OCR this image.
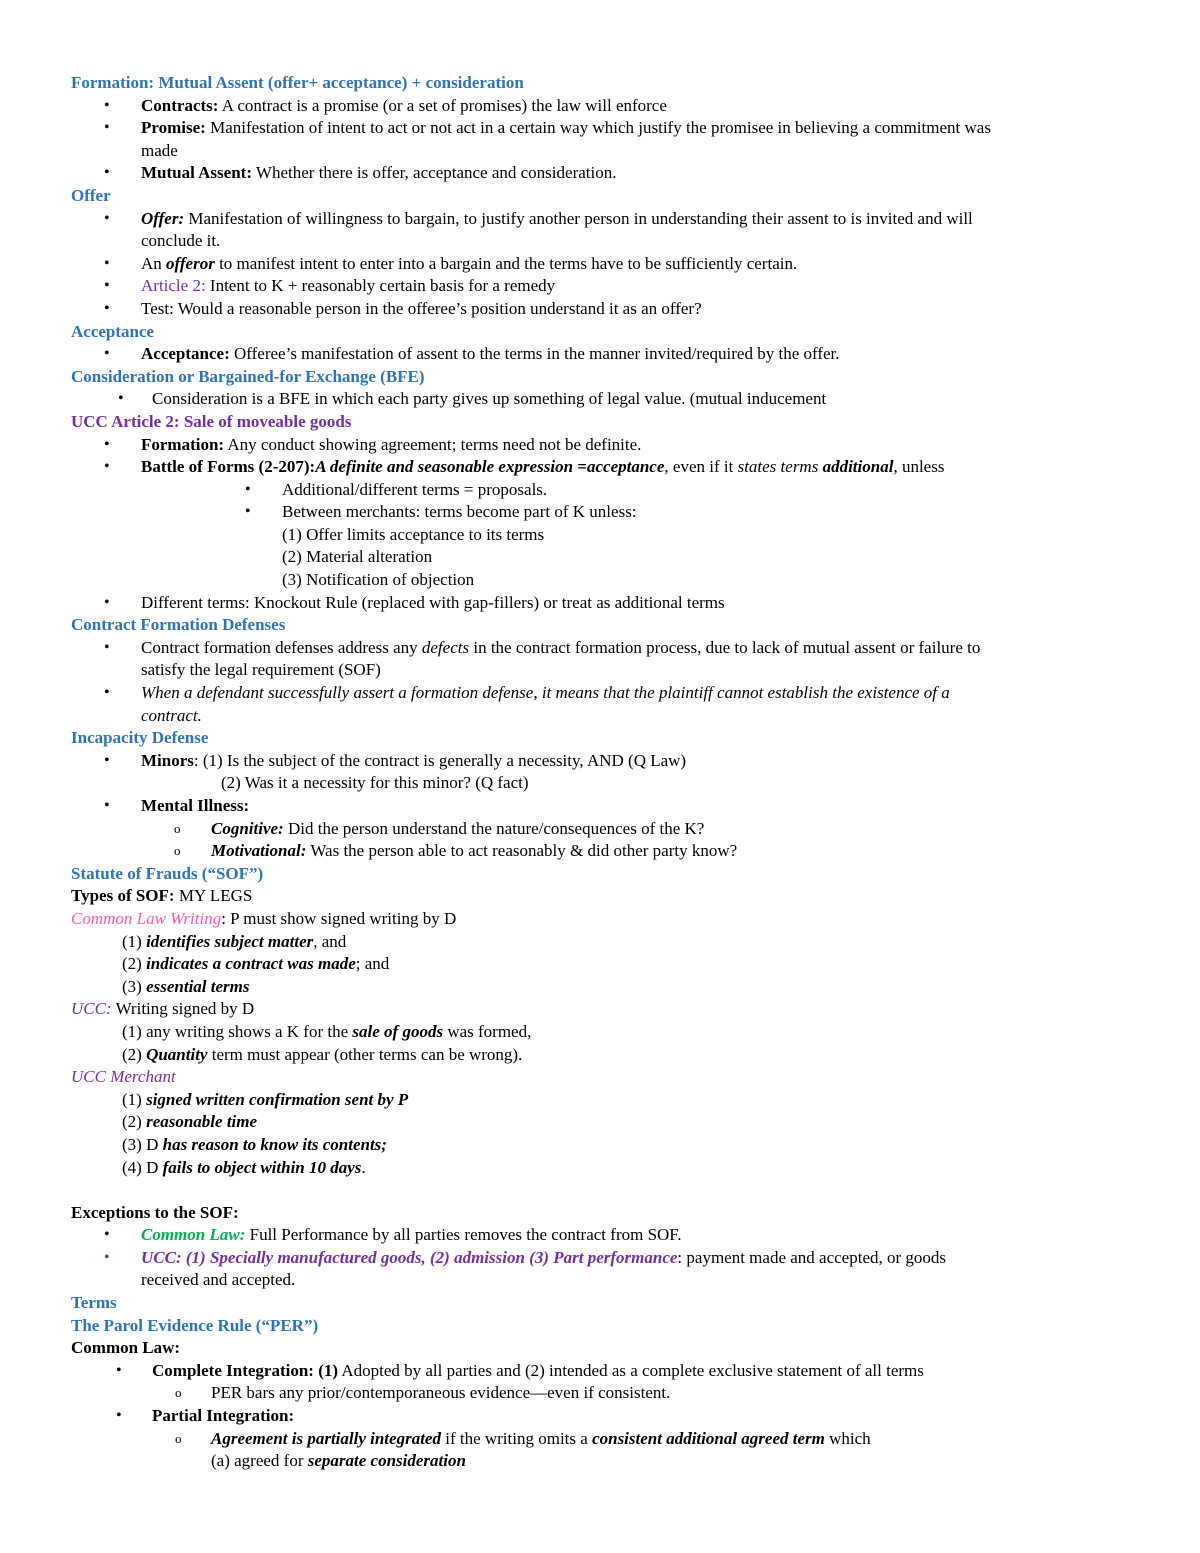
Formation: Mutual Assent (offer+ acceptance) + consideration
• Contracts: A contract is a promise (or a set of promises) the law will enforce
• Promise: Manifestation of intent to act or not act in a certain way which justify the promisee in believing a commitment was
made
• Mutual Assent: Whether there is offer, acceptance and consideration.
Offer
• Offer: Manifestation of willingness to bargain, to justify another person in understanding their assent to is invited and will
conclude it.
• An offeror to manifest intent to enter into a bargain and the terms have to be sufficiently certain.
• Article 2: Intent to K + reasonably certain basis for a remedy
• Test: Would a reasonable person in the offeree’s position understand it as an offer?
Acceptance
• Acceptance: Offeree’s manifestation of assent to the terms in the manner invited/required by the offer.
Consideration or Bargained-for Exchange (BFE)
• Consideration is a BFE in which each party gives up something of legal value. (mutual inducement
UCC Article 2: Sale of moveable goods
• Formation: Any conduct showing agreement; terms need not be definite.
• Battle of Forms (2-207):A definite and seasonable expression =acceptance, even if it states terms additional, unless
• Additional/different terms = proposals.
• Between merchants: terms become part of K unless:
(1) Offer limits acceptance to its terms
(2) Material alteration
(3) Notification of objection
• Different terms: Knockout Rule (replaced with gap-fillers) or treat as additional terms
Contract Formation Defenses
• Contract formation defenses address any defects in the contract formation process, due to lack of mutual assent or failure to
satisfy the legal requirement (SOF)
• When a defendant successfully assert a formation defense, it means that the plaintiff cannot establish the existence of a
contract.
Incapacity Defense
• Minors: (1) Is the subject of the contract is generally a necessity, AND (Q Law)
(2) Was it a necessity for this minor? (Q fact)
• Mental Illness:
o Cognitive: Did the person understand the nature/consequences of the K?
o Motivational: Was the person able to act reasonably & did other party know?
Statute of Frauds (“SOF”)
Types of SOF: MY LEGS
Common Law Writing: P must show signed writing by D
(1) identifies subject matter, and
(2) indicates a contract was made; and
(3) essential terms
UCC: Writing signed by D
(1) any writing shows a K for the sale of goods was formed,
(2) Quantity term must appear (other terms can be wrong).
UCC Merchant
(1) signed written confirmation sent by P
(2) reasonable time
(3) D has reason to know its contents;
(4) D fails to object within 10 days.
Exceptions to the SOF:
• Common Law: Full Performance by all parties removes the contract from SOF.
• UCC: (1) Specially manufactured goods, (2) admission (3) Part performance: payment made and accepted, or goods
received and accepted.
Terms
The Parol Evidence Rule (“PER”)
Common Law:
• Complete Integration: (1) Adopted by all parties and (2) intended as a complete exclusive statement of all terms
o PER bars any prior/contemporaneous evidence—even if consistent.
• Partial Integration:
o Agreement is partially integrated if the writing omits a consistent additional agreed term which
(a) agreed for separate consideration
